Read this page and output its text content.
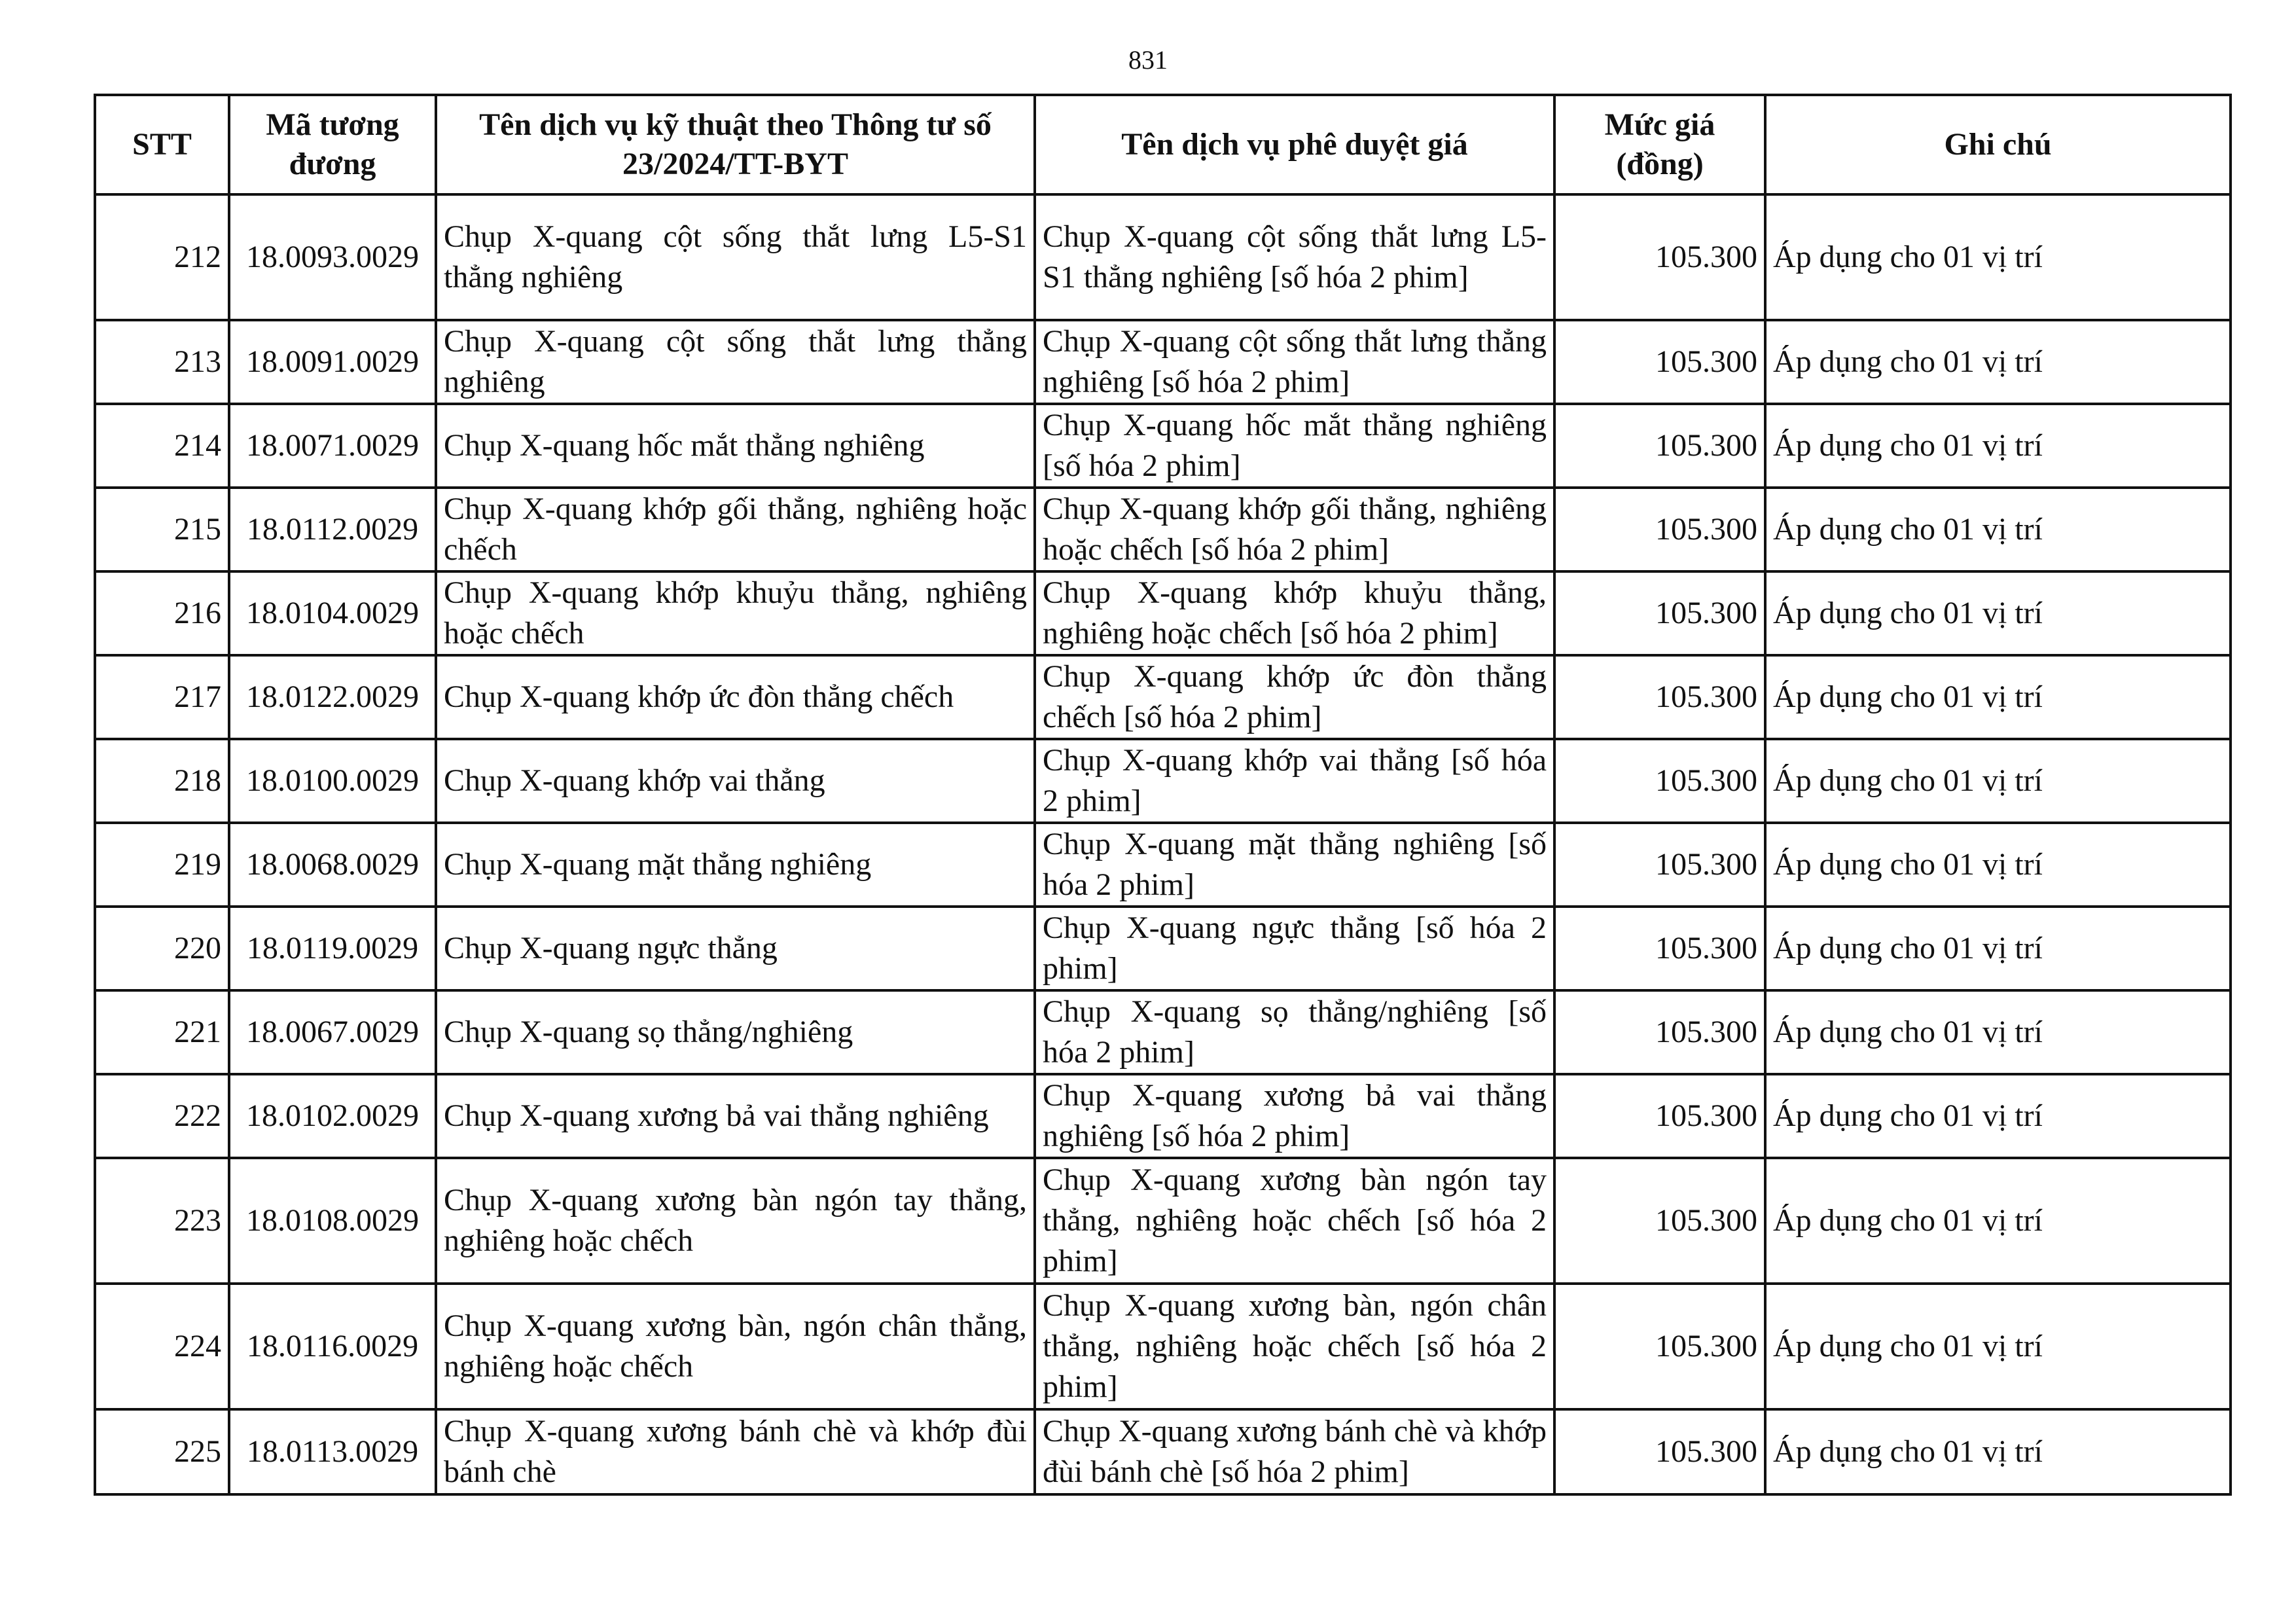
831
STT	Mã tương đương	Tên dịch vụ kỹ thuật theo Thông tư số 23/2024/TT-BYT	Tên dịch vụ phê duyệt giá	Mức giá (đồng)	Ghi chú
212	18.0093.0029	Chụp X-quang cột sống thắt lưng L5-S1 thẳng nghiêng	Chụp X-quang cột sống thắt lưng L5-S1 thẳng nghiêng [số hóa 2 phim]	105.300	Áp dụng cho 01 vị trí
213	18.0091.0029	Chụp X-quang cột sống thắt lưng thẳng nghiêng	Chụp X-quang cột sống thắt lưng thẳng nghiêng [số hóa 2 phim]	105.300	Áp dụng cho 01 vị trí
214	18.0071.0029	Chụp X-quang hốc mắt thẳng nghiêng	Chụp X-quang hốc mắt thẳng nghiêng [số hóa 2 phim]	105.300	Áp dụng cho 01 vị trí
215	18.0112.0029	Chụp X-quang khớp gối thẳng, nghiêng hoặc chếch	Chụp X-quang khớp gối thẳng, nghiêng hoặc chếch [số hóa 2 phim]	105.300	Áp dụng cho 01 vị trí
216	18.0104.0029	Chụp X-quang khớp khuỷu thẳng, nghiêng hoặc chếch	Chụp X-quang khớp khuỷu thẳng, nghiêng hoặc chếch [số hóa 2 phim]	105.300	Áp dụng cho 01 vị trí
217	18.0122.0029	Chụp X-quang khớp ức đòn thẳng chếch	Chụp X-quang khớp ức đòn thẳng chếch [số hóa 2 phim]	105.300	Áp dụng cho 01 vị trí
218	18.0100.0029	Chụp X-quang khớp vai thẳng	Chụp X-quang khớp vai thẳng [số hóa 2 phim]	105.300	Áp dụng cho 01 vị trí
219	18.0068.0029	Chụp X-quang mặt thẳng nghiêng	Chụp X-quang mặt thẳng nghiêng [số hóa 2 phim]	105.300	Áp dụng cho 01 vị trí
220	18.0119.0029	Chụp X-quang ngực thẳng	Chụp X-quang ngực thẳng [số hóa 2 phim]	105.300	Áp dụng cho 01 vị trí
221	18.0067.0029	Chụp X-quang sọ thẳng/nghiêng	Chụp X-quang sọ thẳng/nghiêng [số hóa 2 phim]	105.300	Áp dụng cho 01 vị trí
222	18.0102.0029	Chụp X-quang xương bả vai thẳng nghiêng	Chụp X-quang xương bả vai thẳng nghiêng [số hóa 2 phim]	105.300	Áp dụng cho 01 vị trí
223	18.0108.0029	Chụp X-quang xương bàn ngón tay thẳng, nghiêng hoặc chếch	Chụp X-quang xương bàn ngón tay thẳng, nghiêng hoặc chếch [số hóa 2 phim]	105.300	Áp dụng cho 01 vị trí
224	18.0116.0029	Chụp X-quang xương bàn, ngón chân thẳng, nghiêng hoặc chếch	Chụp X-quang xương bàn, ngón chân thẳng, nghiêng hoặc chếch [số hóa 2 phim]	105.300	Áp dụng cho 01 vị trí
225	18.0113.0029	Chụp X-quang xương bánh chè và khớp đùi bánh chè	Chụp X-quang xương bánh chè và khớp đùi bánh chè [số hóa 2 phim]	105.300	Áp dụng cho 01 vị trí
